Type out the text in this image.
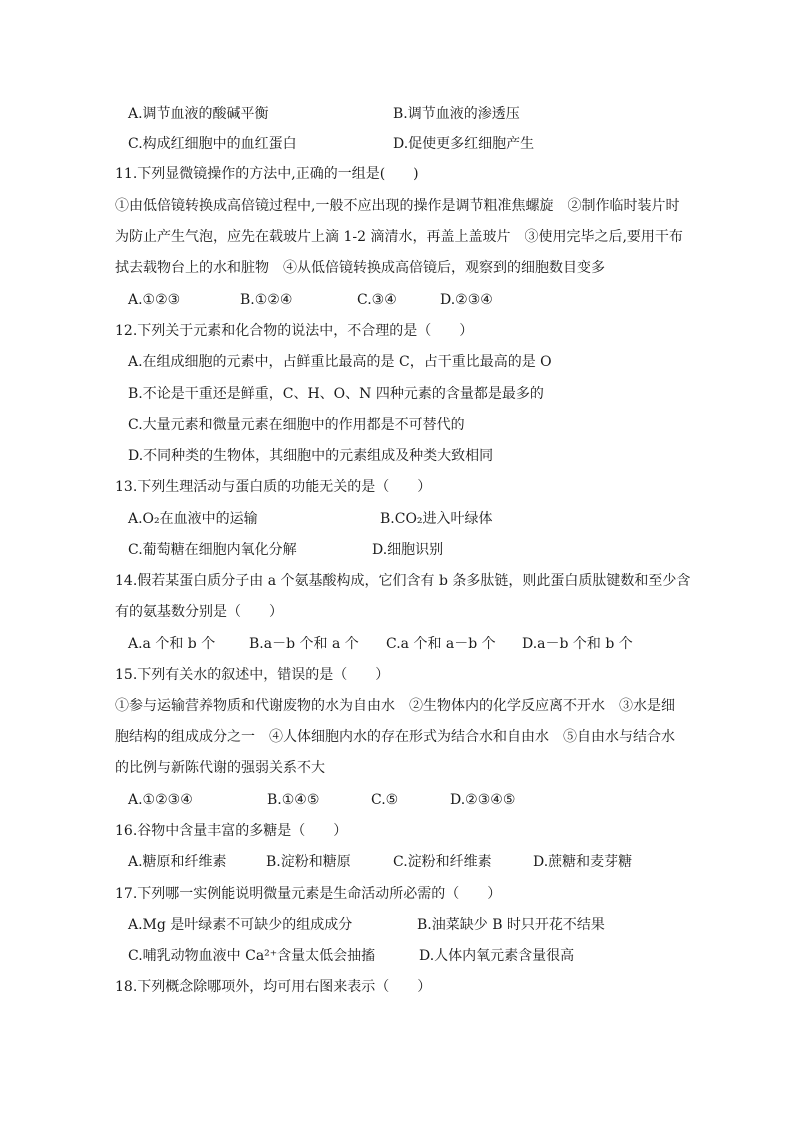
A.调节血液的酸碱平衡	B.调节血液的渗透压
C.构成红细胞中的血红蛋白	D.促使更多红细胞产生
11.下列显微镜操作的方法中,正确的一组是(　　)
①由低倍镜转换成高倍镜过程中,一般不应出现的操作是调节粗准焦螺旋　②制作临时装片时
为防止产生气泡，应先在载玻片上滴 1-2 滴清水，再盖上盖玻片　③使用完毕之后,要用干布
拭去载物台上的水和脏物　④从低倍镜转换成高倍镜后，观察到的细胞数目变多
A.①②③	B.①②④	C.③④	D.②③④
12.下列关于元素和化合物的说法中，不合理的是（　　）
A.在组成细胞的元素中，占鲜重比最高的是 C，占干重比最高的是 O
B.不论是干重还是鲜重，C、H、O、N 四种元素的含量都是最多的
C.大量元素和微量元素在细胞中的作用都是不可替代的
D.不同种类的生物体，其细胞中的元素组成及种类大致相同
13.下列生理活动与蛋白质的功能无关的是（　　）
A.O₂在血液中的运输	B.CO₂进入叶绿体
C.葡萄糖在细胞内氧化分解	D.细胞识别
14.假若某蛋白质分子由 a 个氨基酸构成，它们含有 b 条多肽链，则此蛋白质肽键数和至少含
有的氨基数分别是（　　）
A.a 个和 b 个 B.a－b 个和 a 个 C.a 个和 a－b 个 D.a－b 个和 b 个
15.下列有关水的叙述中，错误的是（　　）
①参与运输营养物质和代谢废物的水为自由水　②生物体内的化学反应离不开水　③水是细
胞结构的组成成分之一　④人体细胞内水的存在形式为结合水和自由水　⑤自由水与结合水
的比例与新陈代谢的强弱关系不大
A.①②③④	B.①④⑤	C.⑤	D.②③④⑤
16.谷物中含量丰富的多糖是（　　）
A.糖原和纤维素	B.淀粉和糖原	C.淀粉和纤维素	D.蔗糖和麦芽糖
17.下列哪一实例能说明微量元素是生命活动所必需的（　　）
A.Mg 是叶绿素不可缺少的组成成分	B.油菜缺少 B 时只开花不结果
C.哺乳动物血液中 Ca²⁺含量太低会抽搐	D.人体内氧元素含量很高
18.下列概念除哪项外，均可用右图来表示（　　）
